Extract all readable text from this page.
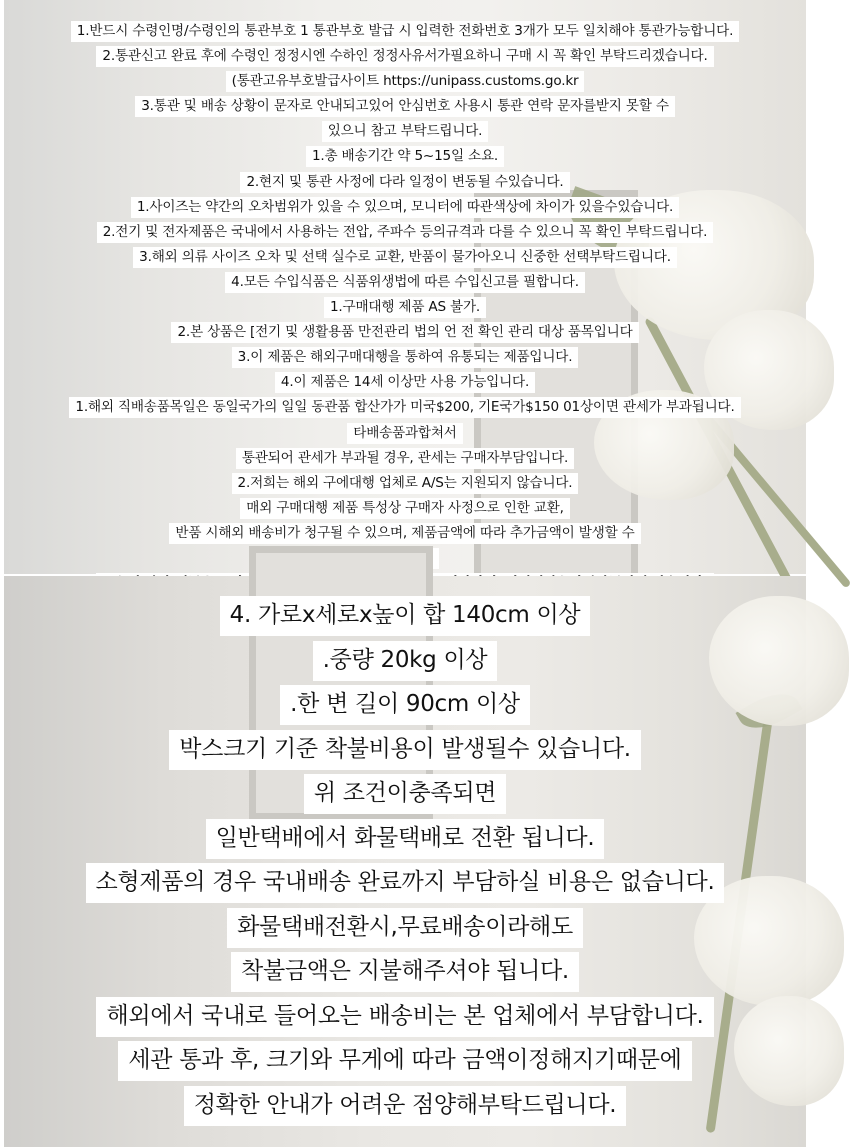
1.반드시 수령인명/수령인의 통관부호 1 통관부호 발급 시 입력한 전화번호 3개가 모두 일치해야 통관가능합니다.
2.통관신고 완료 후에 수령인 정정시엔 수하인 정정사유서가필요하니 구매 시 꼭 확인 부탁드리겠습니다.
(통관고유부호발급사이트 https://unipass.customs.go.kr
3.통관 및 배송 상황이 문자로 안내되고있어 안심번호 사용시 통관 연락 문자를받지 못할 수
있으니 참고 부탁드립니다.
1.총 배송기간 약 5~15일 소요.
2.현지 및 통관 사정에 다라 일정이 변동될 수있습니다.
1.사이즈는 약간의 오차범위가 있을 수 있으며, 모니터에 따관색상에 차이가 있을수있습니다.
2.전기 및 전자제품은 국내에서 사용하는 전압, 주파수 등의규격과 다를 수 있으니 꼭 확인 부탁드립니다.
3.해외 의류 사이즈 오차 및 선택 실수로 교환, 반품이 물가아오니 신중한 선택부탁드립니다.
4.모든 수입식품은 식품위생법에 따른 수입신고를 필합니다.
1.구매대행 제품 AS 불가.
2.본 상품은 [전기 및 생활용품 만전관리 법의 언 전 확인 관리 대상 품목입니다
3.이 제품은 해외구매대행을 통하여 유통되는 제품입니다.
4.이 제품은 14세 이상만 사용 가능입니다.
1.해외 직배송품목일은 동일국가의 일일 동관품 합산가가 미국$200, 기E국가$150 01상이면 관세가 부과됩니다.
타배송품과합쳐서
통관되어 관세가 부과될 경우, 관세는 구매자부담입니다.
2.저희는 해외 구에대행 업체로 A/S는 지원되지 않습니다.
매외 구매대행 제품 특성상 구매자 사정으로 인한 교환,
반품 시해외 배송비가 청구될 수 있으며, 제품금액에 따라 추가금액이 발생할 수
4. 가로x세로x높이 합 140cm 이상
.중량 20kg 이상
.한 변 길이 90cm 이상
박스크기 기준 착불비용이 발생될수 있습니다.
위 조건이충족되면
일반택배에서 화물택배로 전환 됩니다.
소형제품의 경우 국내배송 완료까지 부담하실 비용은 없습니다.
화물택배전환시,무료배송이라해도
착불금액은 지불해주셔야 됩니다.
해외에서 국내로 들어오는 배송비는 본 업체에서 부담합니다.
세관 통과 후, 크기와 무게에 따라 금액이정해지기때문에
정확한 안내가 어려운 점양해부탁드립니다.
